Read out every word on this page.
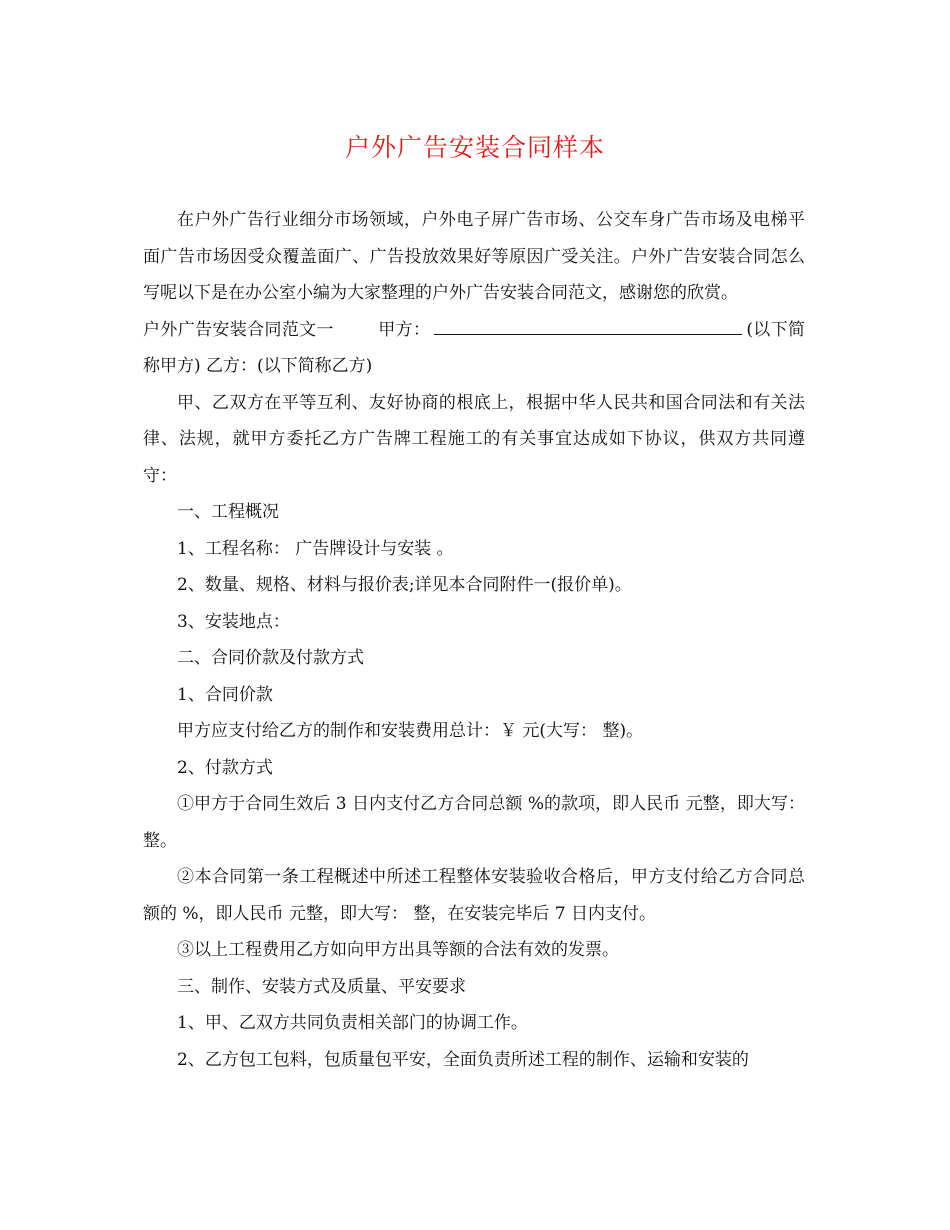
户外广告安装合同样本

在户外广告行业细分市场领域，户外电子屏广告市场、公交车身广告市场及电梯平面广告市场因受众覆盖面广、广告投放效果好等原因广受关注。户外广告安装合同怎么写呢以下是在办公室小编为大家整理的户外广告安装合同范文，感谢您的欣赏。

户外广告安装合同范文一	甲方：	(以下简称甲方) 乙方：(以下简称乙方)

甲、乙双方在平等互利、友好协商的根底上，根据中华人民共和国合同法和有关法律、法规，就甲方委托乙方广告牌工程施工的有关事宜达成如下协议，供双方共同遵守：

一、工程概况

1、工程名称： 广告牌设计与安装 。

2、数量、规格、材料与报价表;详见本合同附件一(报价单)。

3、安装地点：

二、合同价款及付款方式

1、合同价款

甲方应支付给乙方的制作和安装费用总计：￥ 元(大写： 整)。

2、付款方式

①甲方于合同生效后 3 日内支付乙方合同总额 %的款项，即人民币 元整，即大写： 整。

②本合同第一条工程概述中所述工程整体安装验收合格后，甲方支付给乙方合同总额的 %，即人民币 元整，即大写： 整，在安装完毕后 7 日内支付。

③以上工程费用乙方如向甲方出具等额的合法有效的发票。

三、制作、安装方式及质量、平安要求

1、甲、乙双方共同负责相关部门的协调工作。

2、乙方包工包料，包质量包平安，全面负责所述工程的制作、运输和安装的
